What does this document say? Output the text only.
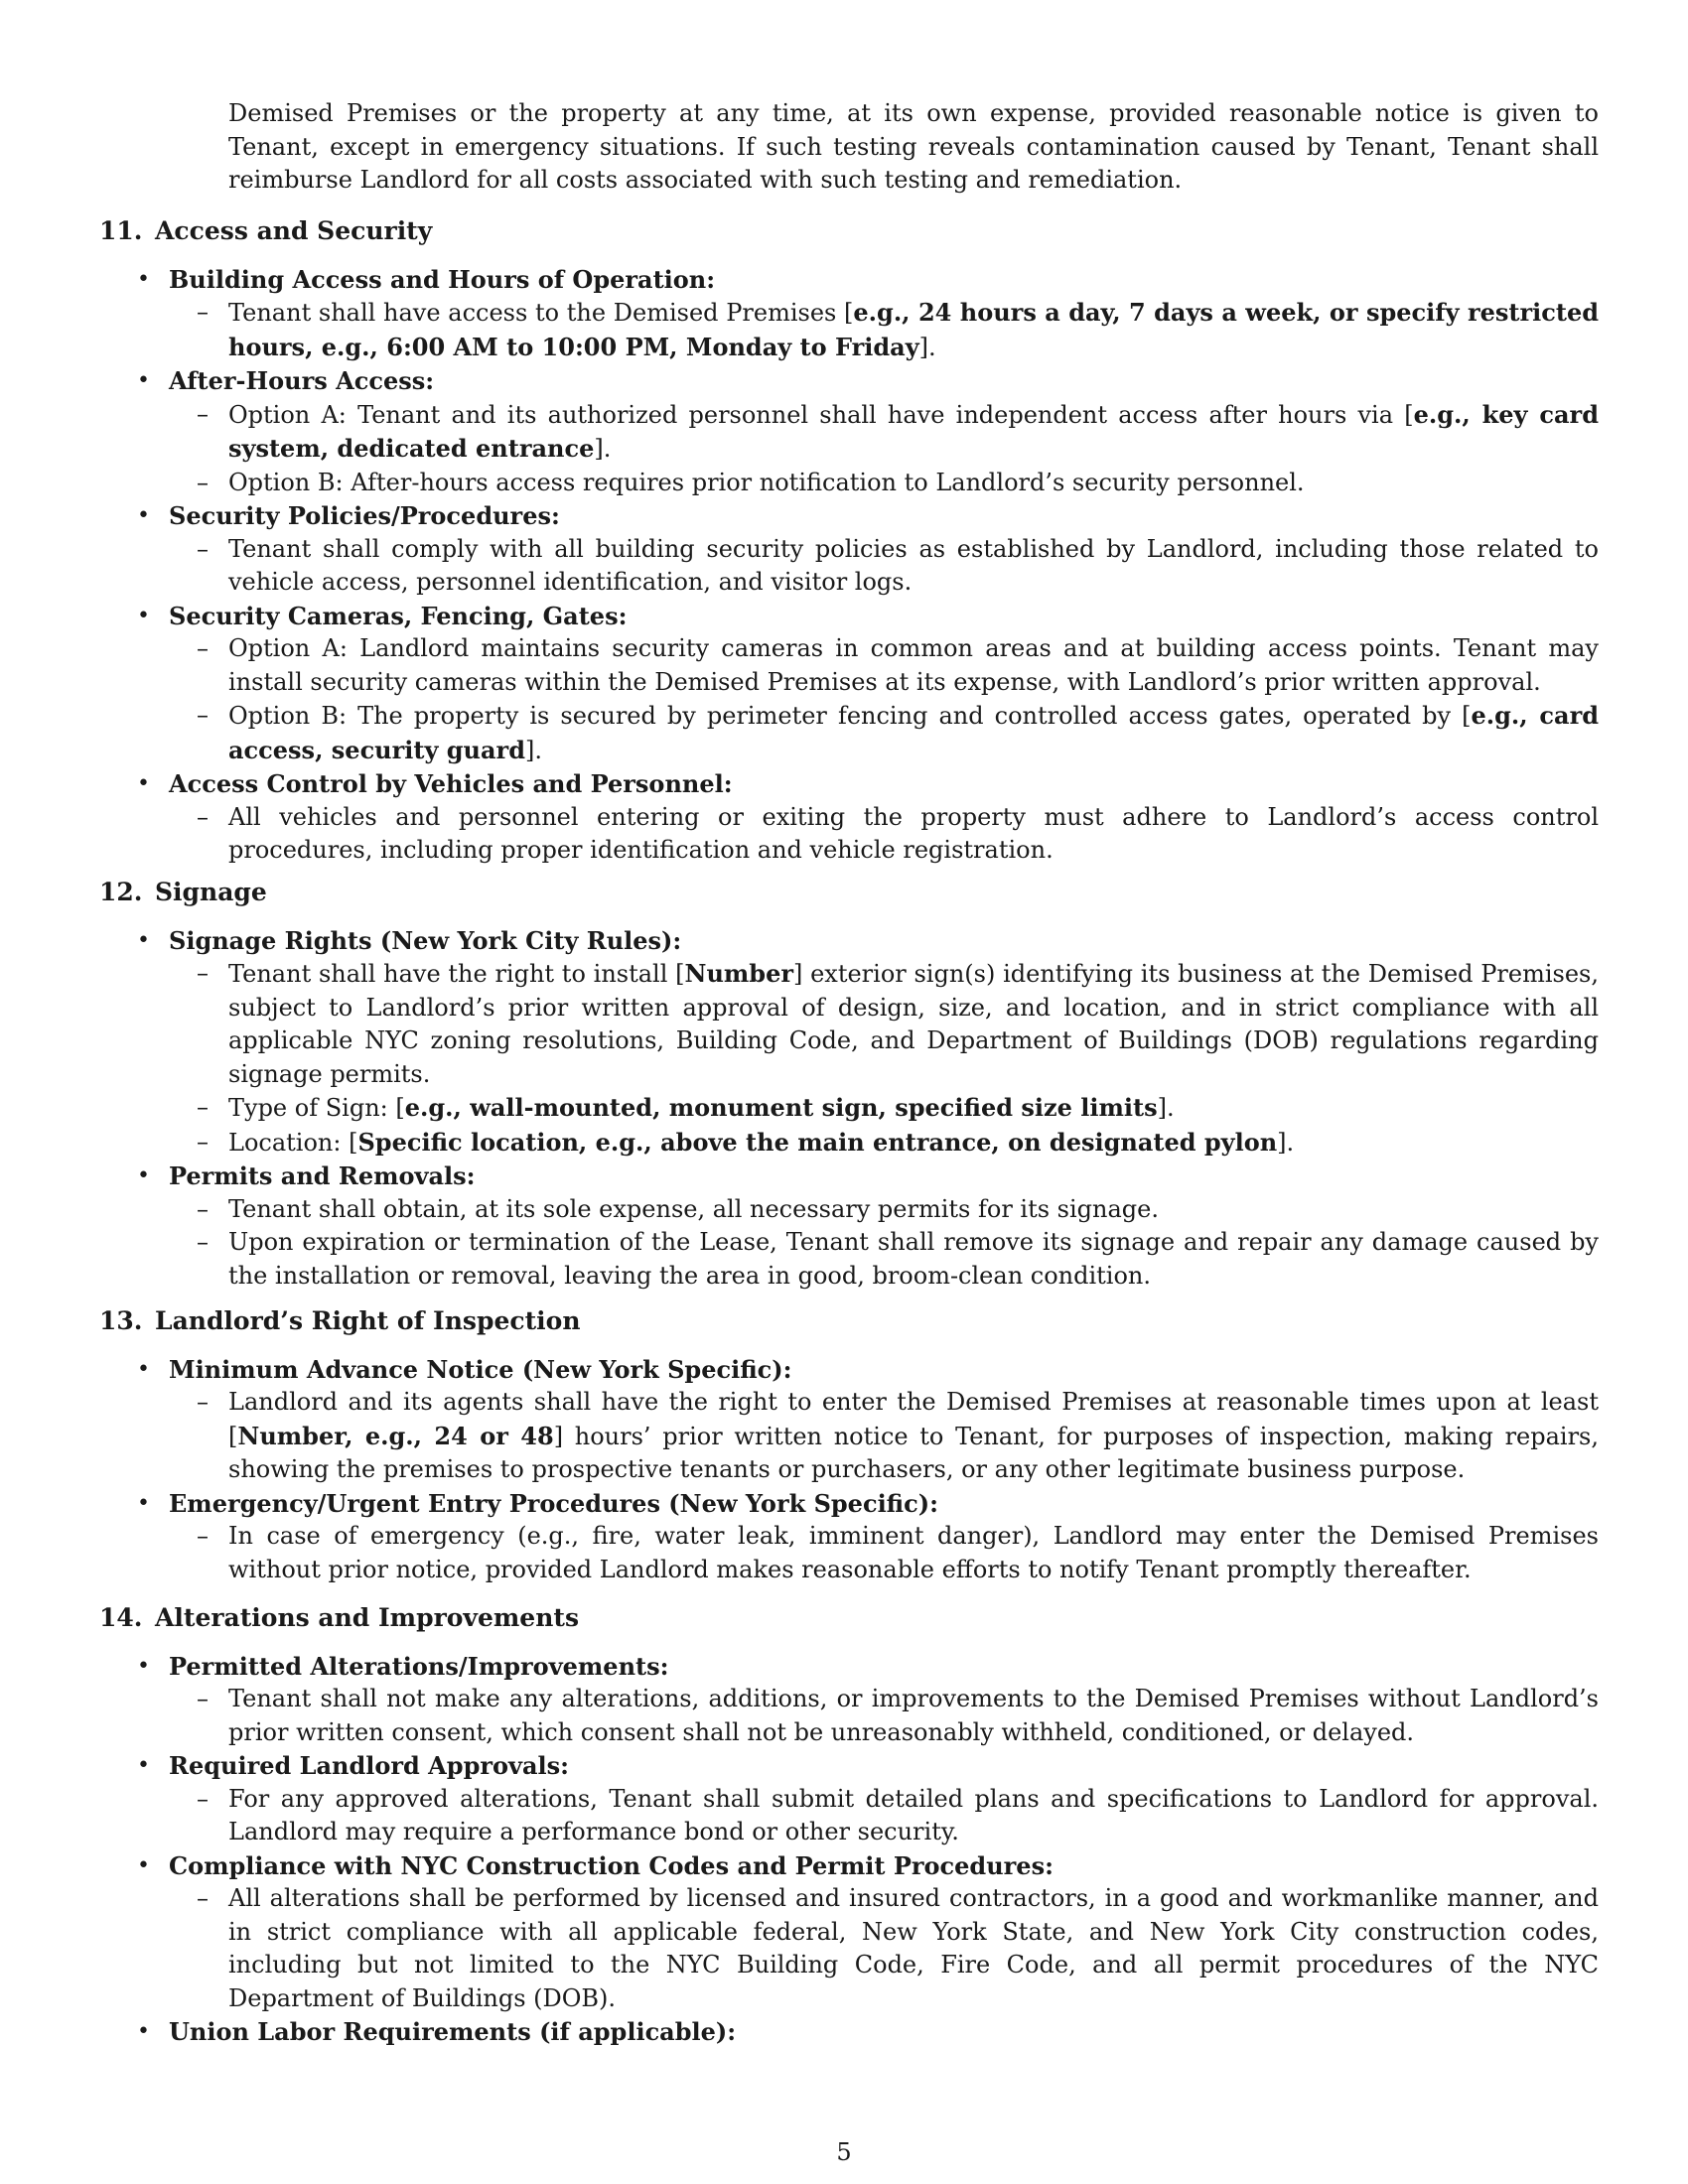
Demised Premises or the property at any time, at its own expense, provided reasonable notice is given to Tenant, except in emergency situations. If such testing reveals contamination caused by Tenant, Tenant shall reimburse Landlord for all costs associated with such testing and remediation.

11. Access and Security
• Building Access and Hours of Operation:

– Tenant shall have access to the Demised Premises [e.g., 24 hours a day, 7 days a week, or specify restricted hours, e.g., 6:00 AM to 10:00 PM, Monday to Friday].
• After-Hours Access:

– Option A: Tenant and its authorized personnel shall have independent access after hours via [e.g., key card system, dedicated entrance].
– Option B: After-hours access requires prior notification to Landlord’s security personnel.
• Security Policies/Procedures:

– Tenant shall comply with all building security policies as established by Landlord, including those related to vehicle access, personnel identification, and visitor logs.
• Security Cameras, Fencing, Gates:

– Option A: Landlord maintains security cameras in common areas and at building access points. Tenant may install security cameras within the Demised Premises at its expense, with Landlord’s prior written approval.
– Option B: The property is secured by perimeter fencing and controlled access gates, operated by [e.g., card access, security guard].
• Access Control by Vehicles and Personnel:

– All vehicles and personnel entering or exiting the property must adhere to Landlord’s access control procedures, including proper identification and vehicle registration.
12. Signage
• Signage Rights (New York City Rules):

– Tenant shall have the right to install [Number] exterior sign(s) identifying its business at the Demised Premises, subject to Landlord’s prior written approval of design, size, and location, and in strict compliance with all applicable NYC zoning resolutions, Building Code, and Department of Buildings (DOB) regulations regarding signage permits.
– Type of Sign: [e.g., wall-mounted, monument sign, specified size limits].
– Location: [Specific location, e.g., above the main entrance, on designated pylon].
• Permits and Removals:

– Tenant shall obtain, at its sole expense, all necessary permits for its signage.
– Upon expiration or termination of the Lease, Tenant shall remove its signage and repair any damage caused by the installation or removal, leaving the area in good, broom-clean condition.
13. Landlord’s Right of Inspection
• Minimum Advance Notice (New York Specific):

– Landlord and its agents shall have the right to enter the Demised Premises at reasonable times upon at least [Number, e.g., 24 or 48] hours’ prior written notice to Tenant, for purposes of inspection, making repairs, showing the premises to prospective tenants or purchasers, or any other legitimate business purpose.
• Emergency/Urgent Entry Procedures (New York Specific):

– In case of emergency (e.g., fire, water leak, imminent danger), Landlord may enter the Demised Premises without prior notice, provided Landlord makes reasonable efforts to notify Tenant promptly thereafter.
14. Alterations and Improvements
• Permitted Alterations/Improvements:

– Tenant shall not make any alterations, additions, or improvements to the Demised Premises without Landlord’s prior written consent, which consent shall not be unreasonably withheld, conditioned, or delayed.
• Required Landlord Approvals:

– For any approved alterations, Tenant shall submit detailed plans and specifications to Landlord for approval. Landlord may require a performance bond or other security.
• Compliance with NYC Construction Codes and Permit Procedures:

– All alterations shall be performed by licensed and insured contractors, in a good and workmanlike manner, and in strict compliance with all applicable federal, New York State, and New York City construction codes, including but not limited to the NYC Building Code, Fire Code, and all permit procedures of the NYC Department of Buildings (DOB).
• Union Labor Requirements (if applicable):

5
